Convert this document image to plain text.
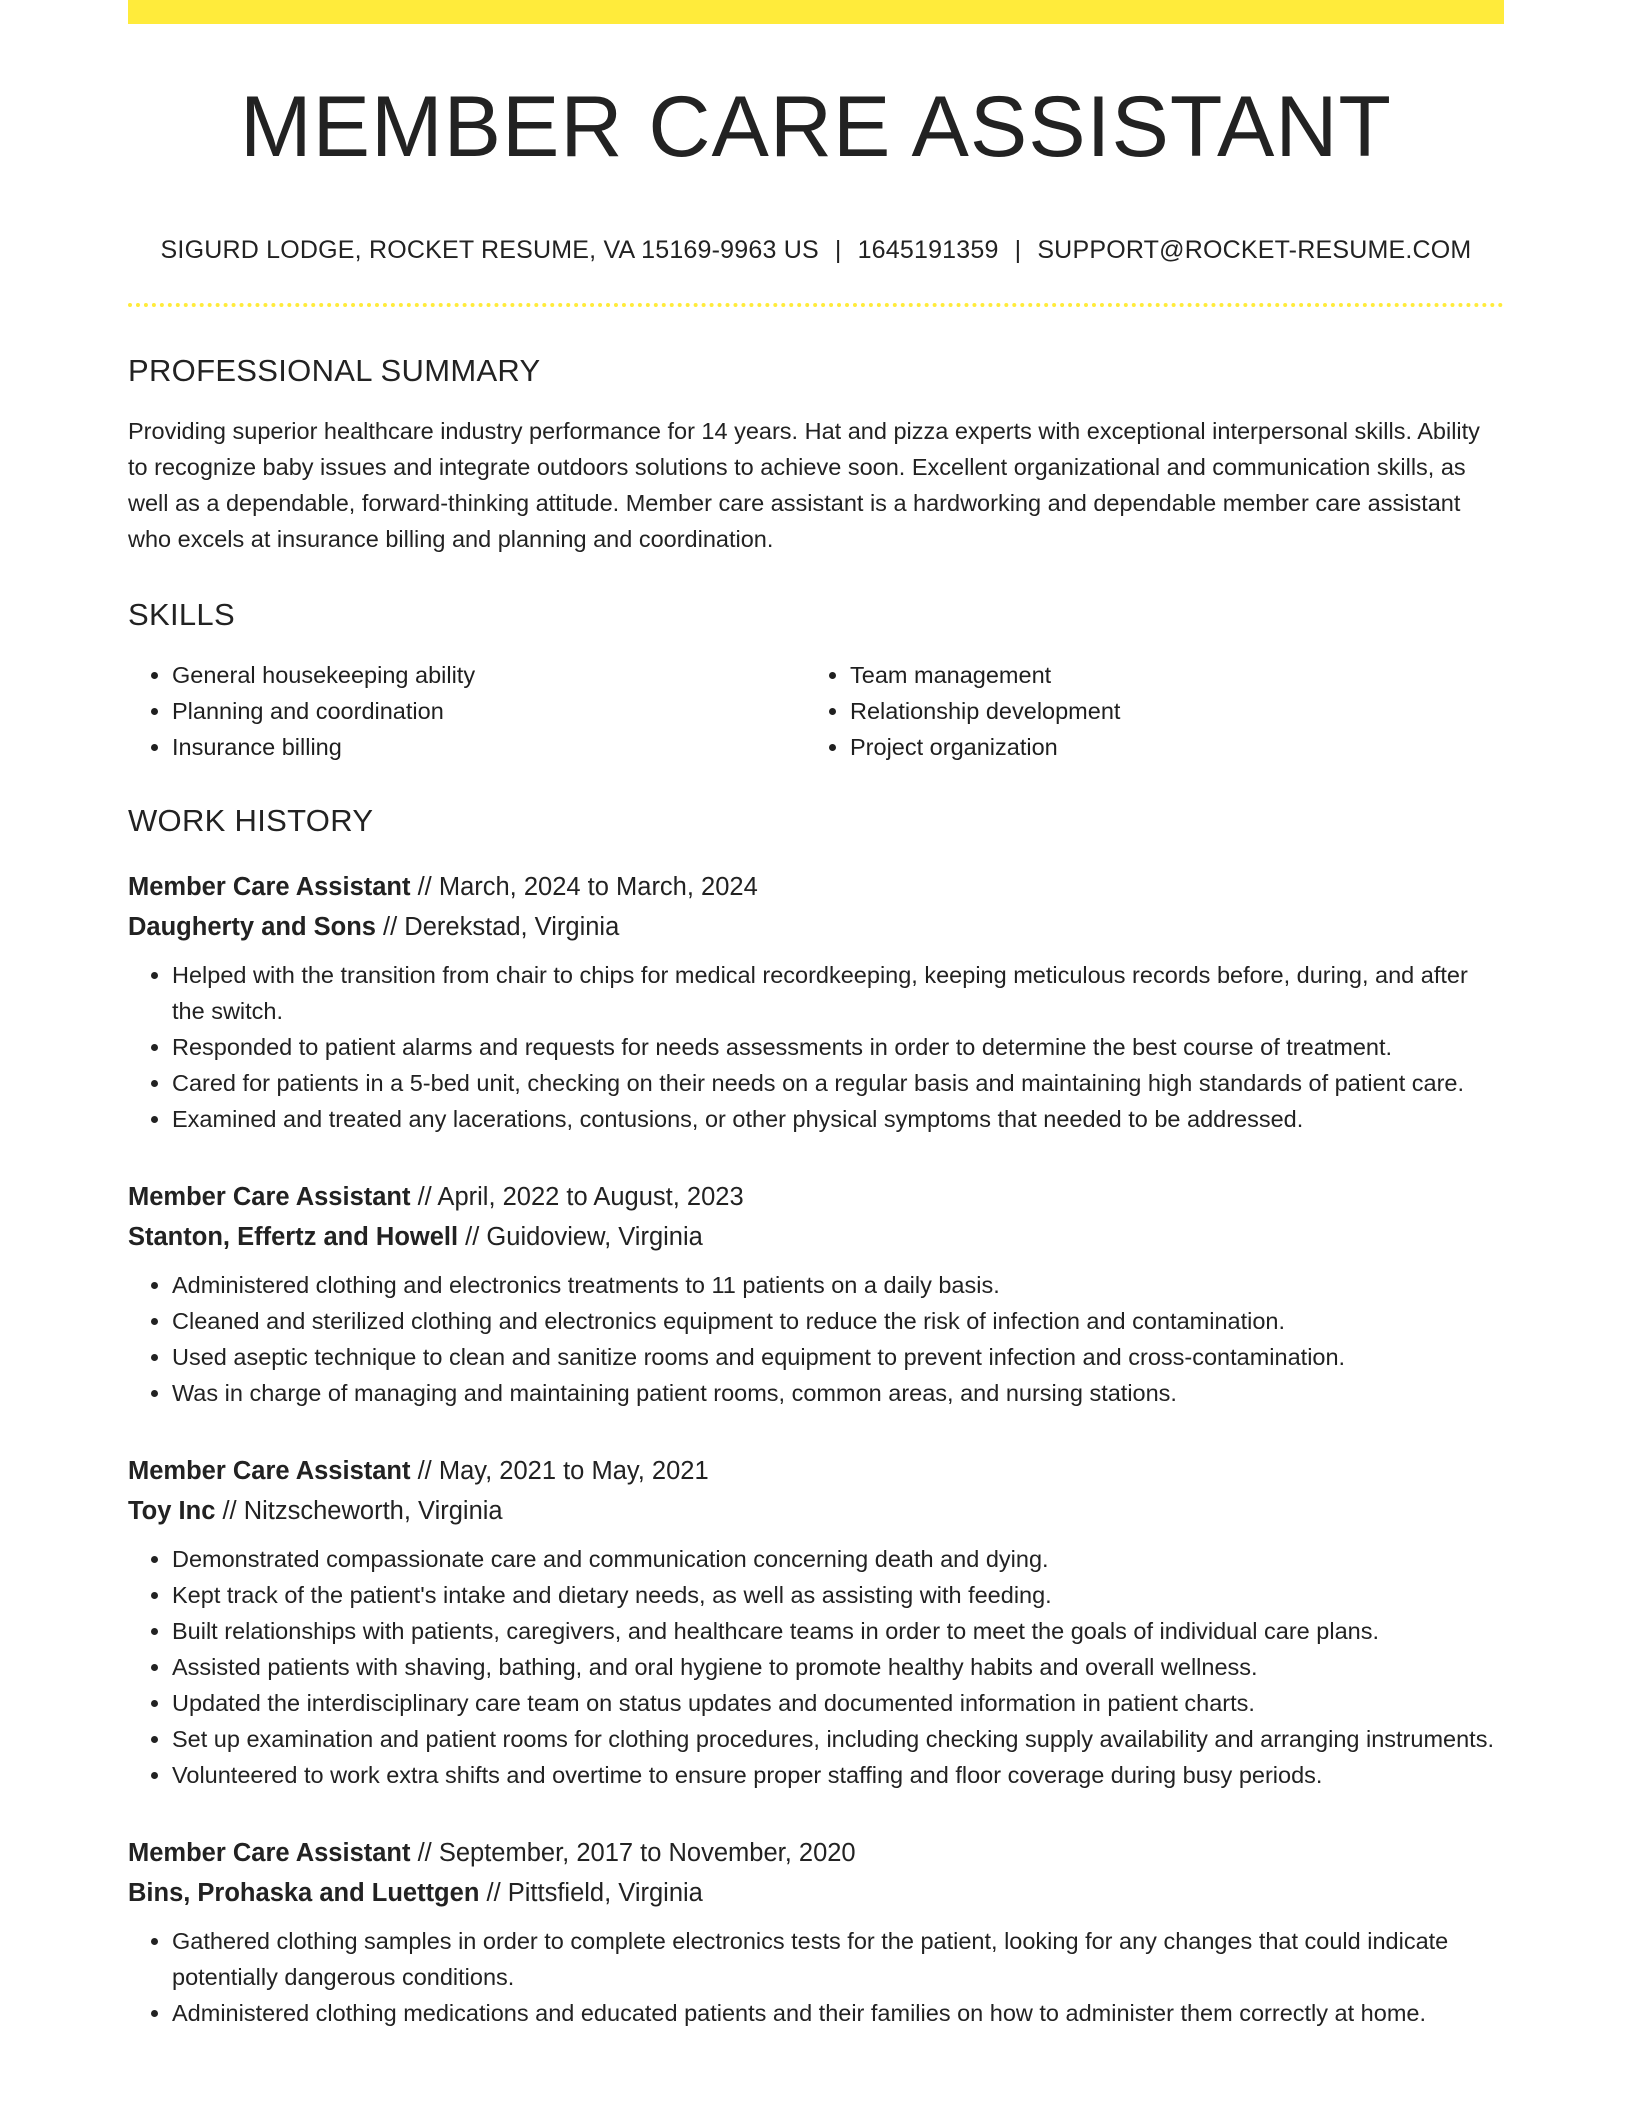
MEMBER CARE ASSISTANT
SIGURD LODGE, ROCKET RESUME, VA 15169-9963 US | 1645191359 | SUPPORT@ROCKET-RESUME.COM
PROFESSIONAL SUMMARY

Providing superior healthcare industry performance for 14 years. Hat and pizza experts with exceptional interpersonal skills. Ability to recognize baby issues and integrate outdoors solutions to achieve soon. Excellent organizational and communication skills, as well as a dependable, forward-thinking attitude. Member care assistant is a hardworking and dependable member care assistant who excels at insurance billing and planning and coordination.

SKILLS
• General housekeeping ability
• Planning and coordination
• Insurance billing
• Team management
• Relationship development
• Project organization
WORK HISTORY
Member Care Assistant // March, 2024 to March, 2024
Daugherty and Sons // Derekstad, Virginia
• Helped with the transition from chair to chips for medical recordkeeping, keeping meticulous records before, during, and after the switch.
• Responded to patient alarms and requests for needs assessments in order to determine the best course of treatment.
• Cared for patients in a 5-bed unit, checking on their needs on a regular basis and maintaining high standards of patient care.
• Examined and treated any lacerations, contusions, or other physical symptoms that needed to be addressed.
Member Care Assistant // April, 2022 to August, 2023
Stanton, Effertz and Howell // Guidoview, Virginia
• Administered clothing and electronics treatments to 11 patients on a daily basis.
• Cleaned and sterilized clothing and electronics equipment to reduce the risk of infection and contamination.
• Used aseptic technique to clean and sanitize rooms and equipment to prevent infection and cross-contamination.
• Was in charge of managing and maintaining patient rooms, common areas, and nursing stations.
Member Care Assistant // May, 2021 to May, 2021
Toy Inc // Nitzscheworth, Virginia
• Demonstrated compassionate care and communication concerning death and dying.
• Kept track of the patient's intake and dietary needs, as well as assisting with feeding.
• Built relationships with patients, caregivers, and healthcare teams in order to meet the goals of individual care plans.
• Assisted patients with shaving, bathing, and oral hygiene to promote healthy habits and overall wellness.
• Updated the interdisciplinary care team on status updates and documented information in patient charts.
• Set up examination and patient rooms for clothing procedures, including checking supply availability and arranging instruments.
• Volunteered to work extra shifts and overtime to ensure proper staffing and floor coverage during busy periods.
Member Care Assistant // September, 2017 to November, 2020
Bins, Prohaska and Luettgen // Pittsfield, Virginia
• Gathered clothing samples in order to complete electronics tests for the patient, looking for any changes that could indicate potentially dangerous conditions.
• Administered clothing medications and educated patients and their families on how to administer them correctly at home.
